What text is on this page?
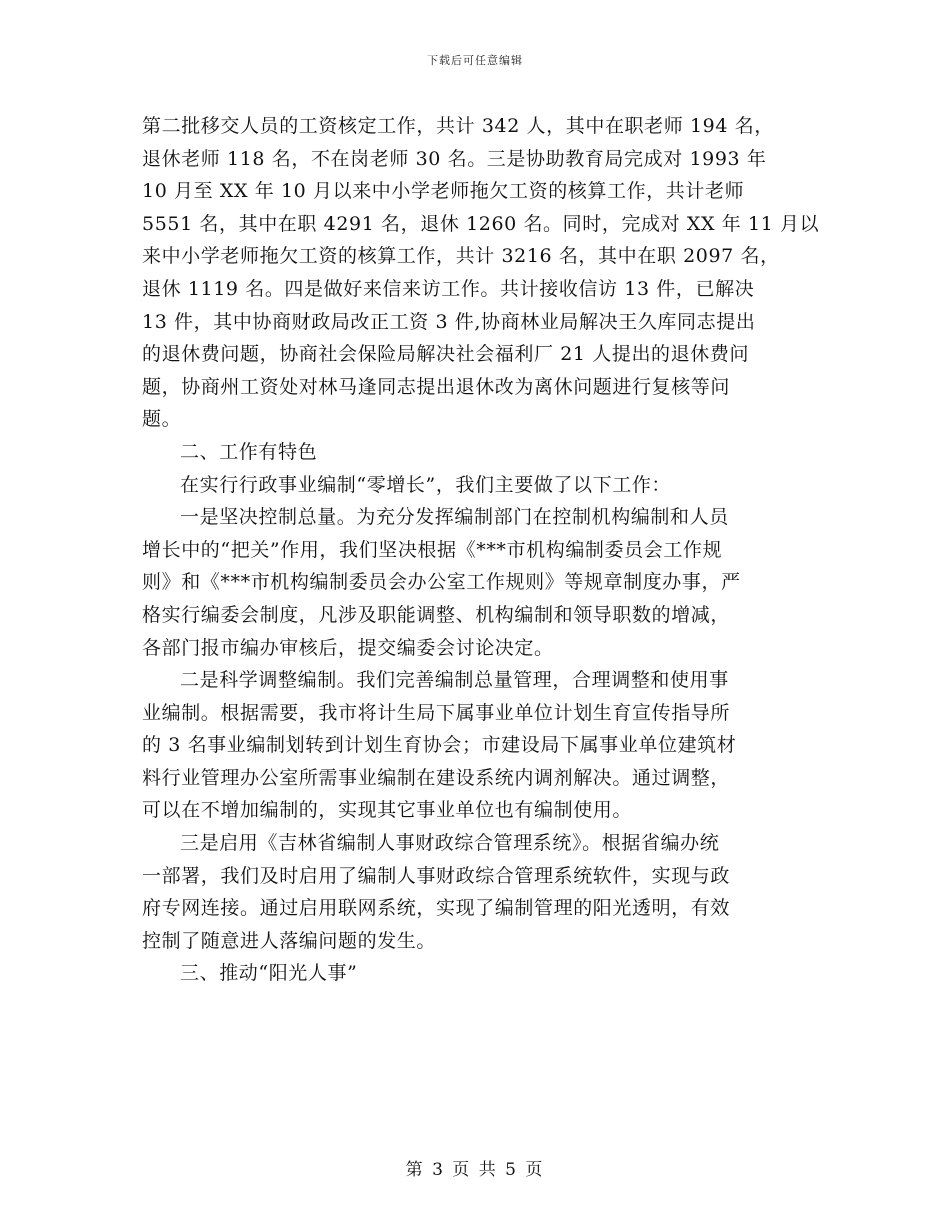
下载后可任意编辑

第二批移交人员的工资核定工作，共计 342 人，其中在职老师 194 名，
退休老师 118 名，不在岗老师 30 名。三是协助教育局完成对 1993 年
10 月至 XX 年 10 月以来中小学老师拖欠工资的核算工作，共计老师
5551 名，其中在职 4291 名，退休 1260 名。同时，完成对 XX 年 11 月以
来中小学老师拖欠工资的核算工作，共计 3216 名，其中在职 2097 名，
退休 1119 名。四是做好来信来访工作。共计接收信访 13 件，已解决
13 件，其中协商财政局改正工资 3 件,协商林业局解决王久库同志提出
的退休费问题，协商社会保险局解决社会福利厂 21 人提出的退休费问
题，协商州工资处对林马逢同志提出退休改为离休问题进行复核等问
题。

二、工作有特色

在实行行政事业编制“零增长”，我们主要做了以下工作：

一是坚决控制总量。为充分发挥编制部门在控制机构编制和人员
增长中的“把关”作用，我们坚决根据《***市机构编制委员会工作规
则》和《***市机构编制委员会办公室工作规则》等规章制度办事，严
格实行编委会制度，凡涉及职能调整、机构编制和领导职数的增减，
各部门报市编办审核后，提交编委会讨论决定。

二是科学调整编制。我们完善编制总量管理，合理调整和使用事
业编制。根据需要，我市将计生局下属事业单位计划生育宣传指导所
的 3 名事业编制划转到计划生育协会；市建设局下属事业单位建筑材
料行业管理办公室所需事业编制在建设系统内调剂解决。通过调整，
可以在不增加编制的，实现其它事业单位也有编制使用。

三是启用《吉林省编制人事财政综合管理系统》。根据省编办统
一部署，我们及时启用了编制人事财政综合管理系统软件，实现与政
府专网连接。通过启用联网系统，实现了编制管理的阳光透明，有效
控制了随意进人落编问题的发生。

三、推动“阳光人事”

第 3 页 共 5 页
